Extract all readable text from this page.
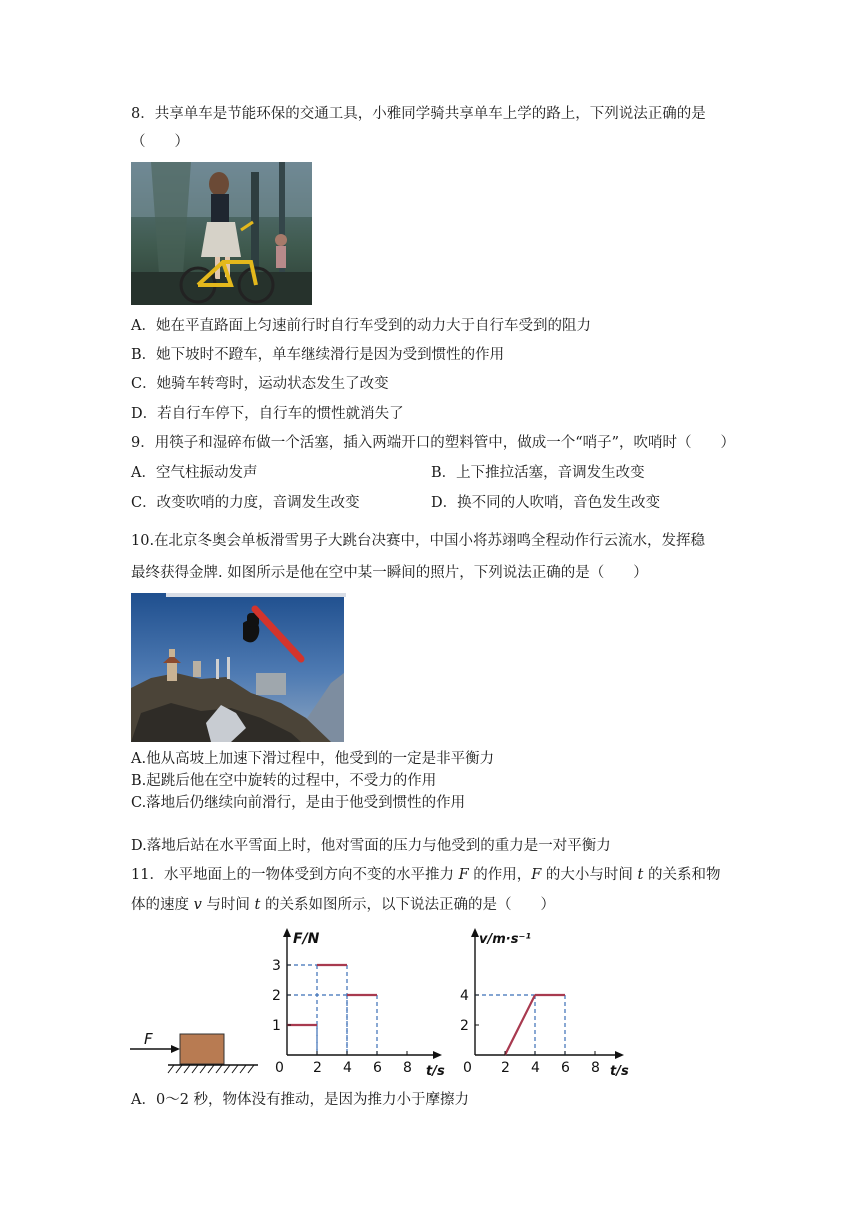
8．共享单车是节能环保的交通工具，小雅同学骑共享单车上学的路上，下列说法正确的是
（　　）
A．她在平直路面上匀速前行时自行车受到的动力大于自行车受到的阻力
B．她下坡时不蹬车，单车继续滑行是因为受到惯性的作用
C．她骑车转弯时，运动状态发生了改变
D．若自行车停下，自行车的惯性就消失了
9．用筷子和湿碎布做一个活塞，插入两端开口的塑料管中，做成一个“哨子”，吹哨时（　　）
A．空气柱振动发声	B．上下推拉活塞，音调发生改变
C．改变吹哨的力度，音调发生改变	D．换不同的人吹哨，音色发生改变
10.在北京冬奥会单板滑雪男子大跳台决赛中，中国小将苏翊鸣全程动作行云流水，发挥稳
最终获得金牌. 如图所示是他在空中某一瞬间的照片，下列说法正确的是（　　）
A.他从高坡上加速下滑过程中，他受到的一定是非平衡力
B.起跳后他在空中旋转的过程中，不受力的作用
C.落地后仍继续向前滑行，是由于他受到惯性的作用
D.落地后站在水平雪面上时，他对雪面的压力与他受到的重力是一对平衡力
11．水平地面上的一物体受到方向不变的水平推力 F 的作用，F 的大小与时间 t 的关系和物
体的速度 v 与时间 t 的关系如图所示，以下说法正确的是（　　）
F
F/N
t/s
0 2 4 6 8
1
2
3
v/m·s⁻¹
t/s
0 2 4 6 8
2
4
A．0～2 秒，物体没有推动，是因为推力小于摩擦力
